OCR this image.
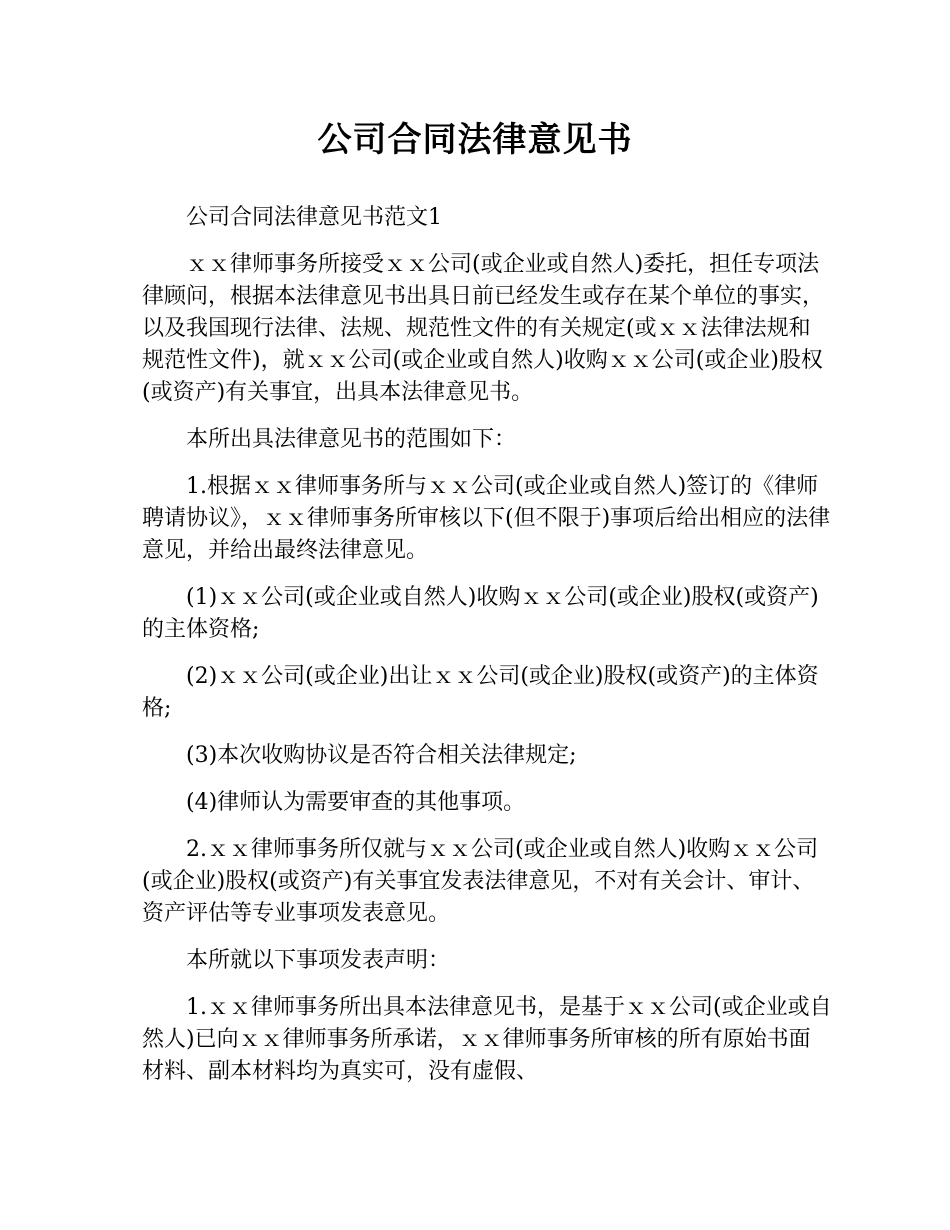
公司合同法律意见书

公司合同法律意见书范文1

ｘｘ律师事务所接受ｘｘ公司(或企业或自然人)委托，担任专项法律顾问，根据本法律意见书出具日前已经发生或存在某个单位的事实，以及我国现行法律、法规、规范性文件的有关规定(或ｘｘ法律法规和规范性文件)，就ｘｘ公司(或企业或自然人)收购ｘｘ公司(或企业)股权(或资产)有关事宜，出具本法律意见书。

本所出具法律意见书的范围如下：

1.根据ｘｘ律师事务所与ｘｘ公司(或企业或自然人)签订的《律师聘请协议》，ｘｘ律师事务所审核以下(但不限于)事项后给出相应的法律意见，并给出最终法律意见。

(1)ｘｘ公司(或企业或自然人)收购ｘｘ公司(或企业)股权(或资产)的主体资格;

(2)ｘｘ公司(或企业)出让ｘｘ公司(或企业)股权(或资产)的主体资格;

(3)本次收购协议是否符合相关法律规定;

(4)律师认为需要审查的其他事项。

2.ｘｘ律师事务所仅就与ｘｘ公司(或企业或自然人)收购ｘｘ公司(或企业)股权(或资产)有关事宜发表法律意见，不对有关会计、审计、资产评估等专业事项发表意见。

本所就以下事项发表声明：

1.ｘｘ律师事务所出具本法律意见书，是基于ｘｘ公司(或企业或自然人)已向ｘｘ律师事务所承诺，ｘｘ律师事务所审核的所有原始书面材料、副本材料均为真实可，没有虚假、
